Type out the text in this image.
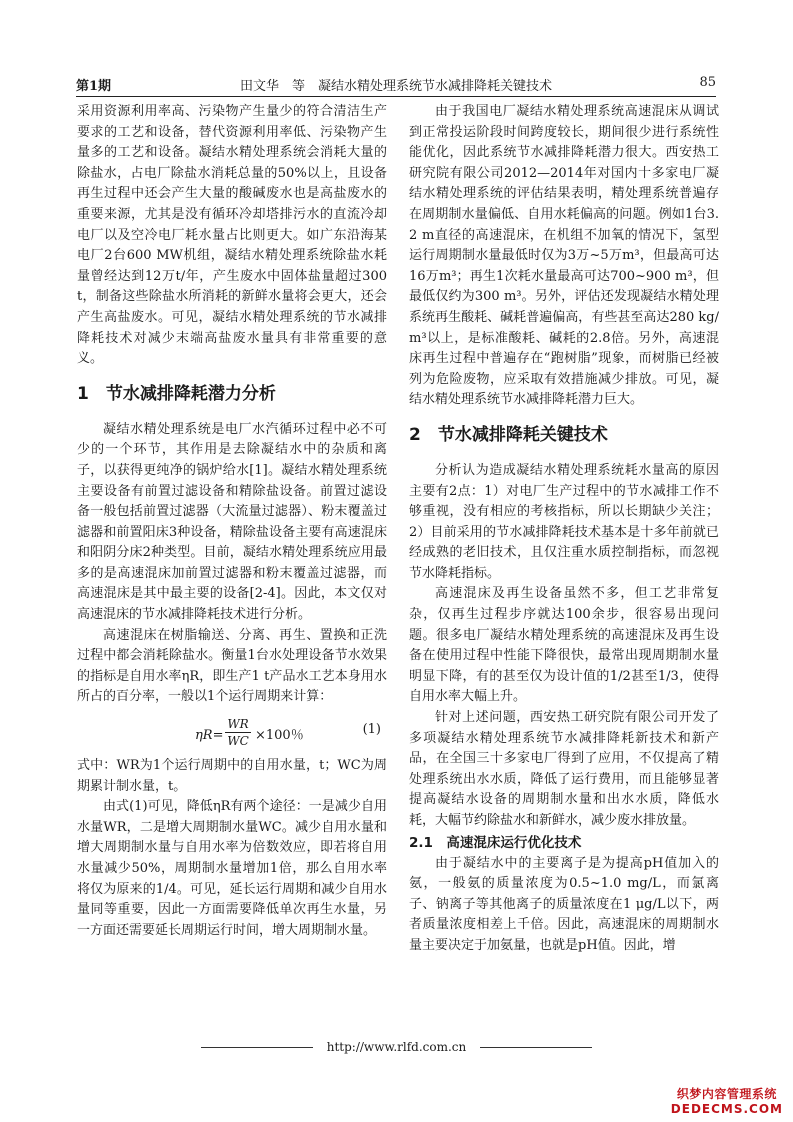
第1期	田文华　等　凝结水精处理系统节水减排降耗关键技术	85

采用资源利用率高、污染物产生量少的符合清洁生产要求的工艺和设备，替代资源利用率低、污染物产生量多的工艺和设备。凝结水精处理系统会消耗大量的除盐水，占电厂除盐水消耗总量的50%以上，且设备再生过程中还会产生大量的酸碱废水也是高盐废水的重要来源，尤其是没有循环冷却塔排污水的直流冷却电厂以及空冷电厂耗水量占比则更大。如广东沿海某电厂2台600 MW机组，凝结水精处理系统除盐水耗量曾经达到12万t/年，产生废水中固体盐量超过300 t，制备这些除盐水所消耗的新鲜水量将会更大，还会产生高盐废水。可见，凝结水精处理系统的节水减排降耗技术对减少末端高盐废水量具有非常重要的意义。

1　节水减排降耗潜力分析

凝结水精处理系统是电厂水汽循环过程中必不可少的一个环节，其作用是去除凝结水中的杂质和离子，以获得更纯净的锅炉给水[1]。凝结水精处理系统主要设备有前置过滤设备和精除盐设备。前置过滤设备一般包括前置过滤器（大流量过滤器）、粉末覆盖过滤器和前置阳床3种设备，精除盐设备主要有高速混床和阳阴分床2种类型。目前，凝结水精处理系统应用最多的是高速混床加前置过滤器和粉末覆盖过滤器，而高速混床是其中最主要的设备[2-4]。因此，本文仅对高速混床的节水减排降耗技术进行分析。

高速混床在树脂输送、分离、再生、置换和正洗过程中都会消耗除盐水。衡量1台水处理设备节水效果的指标是自用水率ηR，即生产1 t产品水工艺本身用水所占的百分率，一般以1个运行周期来计算：

$\eta R= \frac{WR}{WC} \times 100$％	(1)

式中：WR为1个运行周期中的自用水量，t；WC为周期累计制水量，t。

由式(1)可见，降低ηR有两个途径：一是减少自用水量WR，二是增大周期制水量WC。减少自用水量和增大周期制水量与自用水率为倍数效应，即若将自用水量减少50%，周期制水量增加1倍，那么自用水率将仅为原来的1/4。可见，延长运行周期和减少自用水量同等重要，因此一方面需要降低单次再生水量，另一方面还需要延长周期运行时间，增大周期制水量。

由于我国电厂凝结水精处理系统高速混床从调试到正常投运阶段时间跨度较长，期间很少进行系统性能优化，因此系统节水减排降耗潜力很大。西安热工研究院有限公司2012—2014年对国内十多家电厂凝结水精处理系统的评估结果表明，精处理系统普遍存在周期制水量偏低、自用水耗偏高的问题。例如1台3.2 m直径的高速混床，在机组不加氧的情况下，氢型运行周期制水量最低时仅为3万~5万m³，但最高可达16万m³；再生1次耗水量最高可达700~900 m³，但最低仅约为300 m³。另外，评估还发现凝结水精处理系统再生酸耗、碱耗普遍偏高，有些甚至高达280 kg/m³以上，是标准酸耗、碱耗的2.8倍。另外，高速混床再生过程中普遍存在“跑树脂”现象，而树脂已经被列为危险废物，应采取有效措施减少排放。可见，凝结水精处理系统节水减排降耗潜力巨大。

2　节水减排降耗关键技术

分析认为造成凝结水精处理系统耗水量高的原因主要有2点：1）对电厂生产过程中的节水减排工作不够重视，没有相应的考核指标，所以长期缺少关注；2）目前采用的节水减排降耗技术基本是十多年前就已经成熟的老旧技术，且仅注重水质控制指标，而忽视节水降耗指标。

高速混床及再生设备虽然不多，但工艺非常复杂，仅再生过程步序就达100余步，很容易出现问题。很多电厂凝结水精处理系统的高速混床及再生设备在使用过程中性能下降很快，最常出现周期制水量明显下降，有的甚至仅为设计值的1/2甚至1/3，使得自用水率大幅上升。

针对上述问题，西安热工研究院有限公司开发了多项凝结水精处理系统节水减排降耗新技术和新产品，在全国三十多家电厂得到了应用，不仅提高了精处理系统出水水质，降低了运行费用，而且能够显著提高凝结水设备的周期制水量和出水水质，降低水耗，大幅节约除盐水和新鲜水，减少废水排放量。

2.1　高速混床运行优化技术

由于凝结水中的主要离子是为提高pH值加入的氨，一般氨的质量浓度为0.5~1.0 mg/L，而氯离子、钠离子等其他离子的质量浓度在1 μg/L以下，两者质量浓度相差上千倍。因此，高速混床的周期制水量主要决定于加氨量，也就是pH值。因此，增

http://www.rlfd.com.cn
织梦内容管理系统
DEDECMS.COM
